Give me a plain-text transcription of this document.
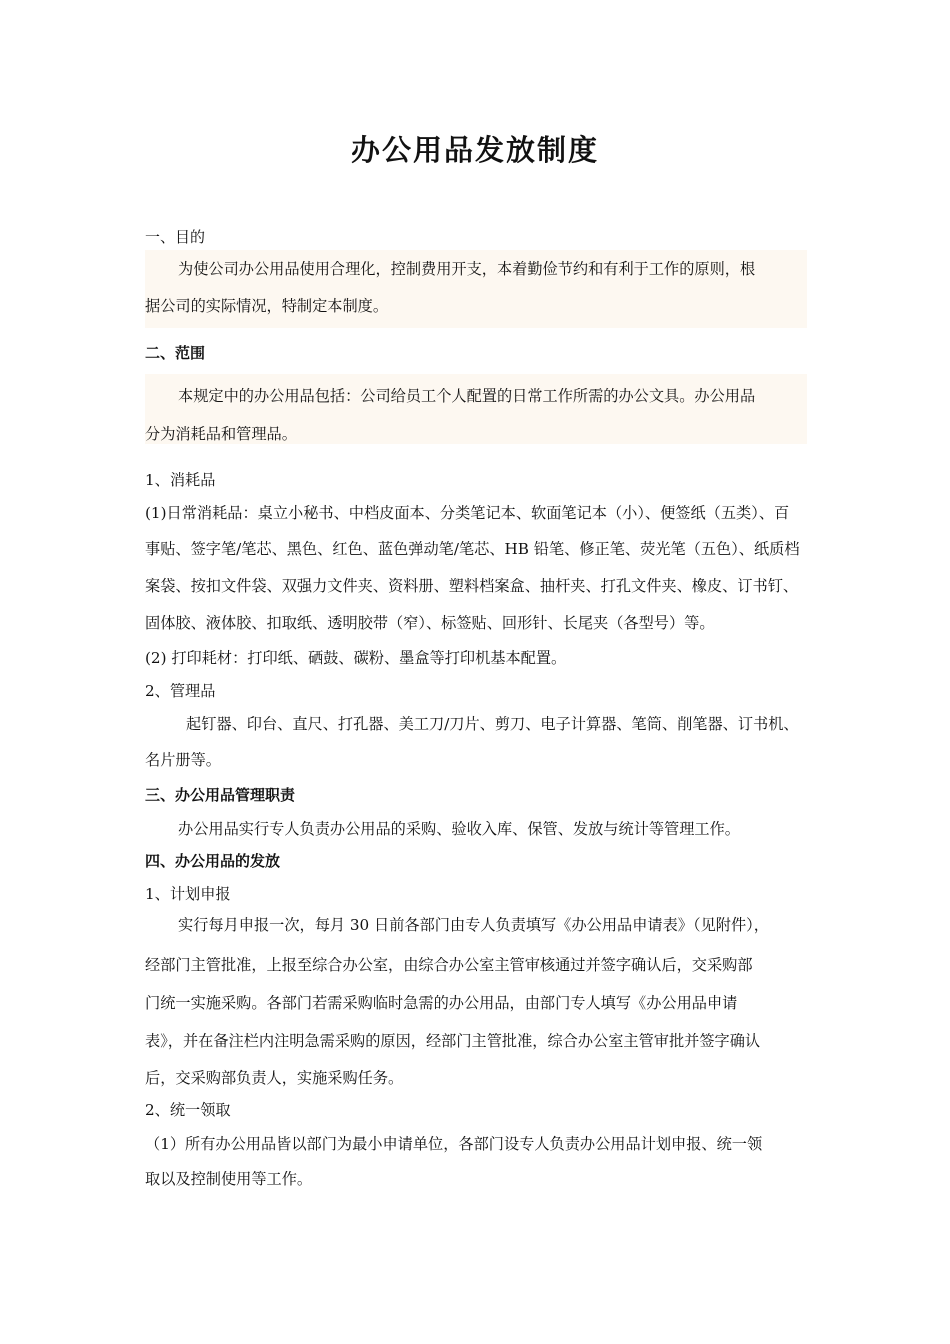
办公用品发放制度
一、目的
为使公司办公用品使用合理化，控制费用开支，本着勤俭节约和有利于工作的原则，根
据公司的实际情况，特制定本制度。
二、范围
本规定中的办公用品包括：公司给员工个人配置的日常工作所需的办公文具。办公用品
分为消耗品和管理品。
1、消耗品
(1)日常消耗品：桌立小秘书、中档皮面本、分类笔记本、软面笔记本（小）、便签纸（五类）、百
事贴、签字笔/笔芯、黑色、红色、蓝色弹动笔/笔芯、HB 铅笔、修正笔、荧光笔（五色）、纸质档
案袋、按扣文件袋、双强力文件夹、资料册、塑料档案盒、抽杆夹、打孔文件夹、橡皮、订书钉、
固体胶、液体胶、扣取纸、透明胶带（窄）、标签贴、回形针、长尾夹（各型号）等。
(2) 打印耗材：打印纸、硒鼓、碳粉、墨盒等打印机基本配置。
2、管理品
起钉器、印台、直尺、打孔器、美工刀/刀片、剪刀、电子计算器、笔筒、削笔器、订书机、
名片册等。
三、办公用品管理职责
办公用品实行专人负责办公用品的采购、验收入库、保管、发放与统计等管理工作。
四、办公用品的发放
1、计划申报
实行每月申报一次，每月 30 日前各部门由专人负责填写《办公用品申请表》（见附件），
经部门主管批准，上报至综合办公室，由综合办公室主管审核通过并签字确认后，交采购部
门统一实施采购。各部门若需采购临时急需的办公用品，由部门专人填写《办公用品申请
表》，并在备注栏内注明急需采购的原因，经部门主管批准，综合办公室主管审批并签字确认
后，交采购部负责人，实施采购任务。
2、统一领取
（1）所有办公用品皆以部门为最小申请单位，各部门设专人负责办公用品计划申报、统一领
取以及控制使用等工作。
